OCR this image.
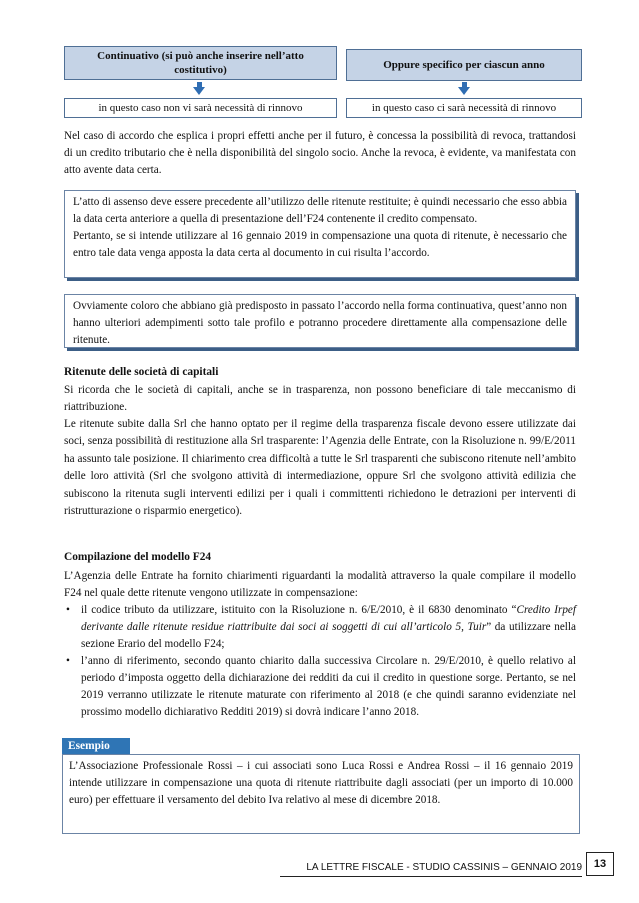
Continuativo (si può anche inserire nell’atto costitutivo)	Oppure specifico per ciascun anno
in questo caso non vi sarà necessità di rinnovo	in questo caso ci sarà necessità di rinnovo

Nel caso di accordo che esplica i propri effetti anche per il futuro, è concessa la possibilità di revoca, trattandosi di un credito tributario che è nella disponibilità del singolo socio. Anche la revoca, è evidente, va manifestata con atto avente data certa.

L’atto di assenso deve essere precedente all’utilizzo delle ritenute restituite; è quindi necessario che esso abbia la data certa anteriore a quella di presentazione dell’F24 contenente il credito compensato.

Pertanto, se si intende utilizzare al 16 gennaio 2019 in compensazione una quota di ritenute, è necessario che entro tale data venga apposta la data certa al documento in cui risulta l’accordo.

Ovviamente coloro che abbiano già predisposto in passato l’accordo nella forma continuativa, quest’anno non hanno ulteriori adempimenti sotto tale profilo e potranno procedere direttamente alla compensazione delle ritenute.

Ritenute delle società di capitali

Si ricorda che le società di capitali, anche se in trasparenza, non possono beneficiare di tale meccanismo di riattribuzione.

Le ritenute subite dalla Srl che hanno optato per il regime della trasparenza fiscale devono essere utilizzate dai soci, senza possibilità di restituzione alla Srl trasparente: l’Agenzia delle Entrate, con la Risoluzione n. 99/E/2011 ha assunto tale posizione. Il chiarimento crea difficoltà a tutte le Srl trasparenti che subiscono ritenute nell’ambito delle loro attività (Srl che svolgono attività di intermediazione, oppure Srl che svolgono attività edilizia che subiscono la ritenuta sugli interventi edilizi per i quali i committenti richiedono le detrazioni per interventi di ristrutturazione o risparmio energetico).

Compilazione del modello F24

L’Agenzia delle Entrate ha fornito chiarimenti riguardanti la modalità attraverso la quale compilare il modello F24 nel quale dette ritenute vengono utilizzate in compensazione:

• il codice tributo da utilizzare, istituito con la Risoluzione n. 6/E/2010, è il 6830 denominato “Credito Irpef derivante dalle ritenute residue riattribuite dai soci ai soggetti di cui all’articolo 5, Tuir” da utilizzare nella sezione Erario del modello F24;
• l’anno di riferimento, secondo quanto chiarito dalla successiva Circolare n. 29/E/2010, è quello relativo al periodo d’imposta oggetto della dichiarazione dei redditi da cui il credito in questione sorge. Pertanto, se nel 2019 verranno utilizzate le ritenute maturate con riferimento al 2018 (e che quindi saranno evidenziate nel prossimo modello dichiarativo Redditi 2019) si dovrà indicare l’anno 2018.
Esempio
L’Associazione Professionale Rossi – i cui associati sono Luca Rossi e Andrea Rossi – il 16 gennaio 2019 intende utilizzare in compensazione una quota di ritenute riattribuite dagli associati (per un importo di 10.000 euro) per effettuare il versamento del debito Iva relativo al mese di dicembre 2018.
LA LETTRE FISCALE - STUDIO CASSINIS – GENNAIO 2019	13
